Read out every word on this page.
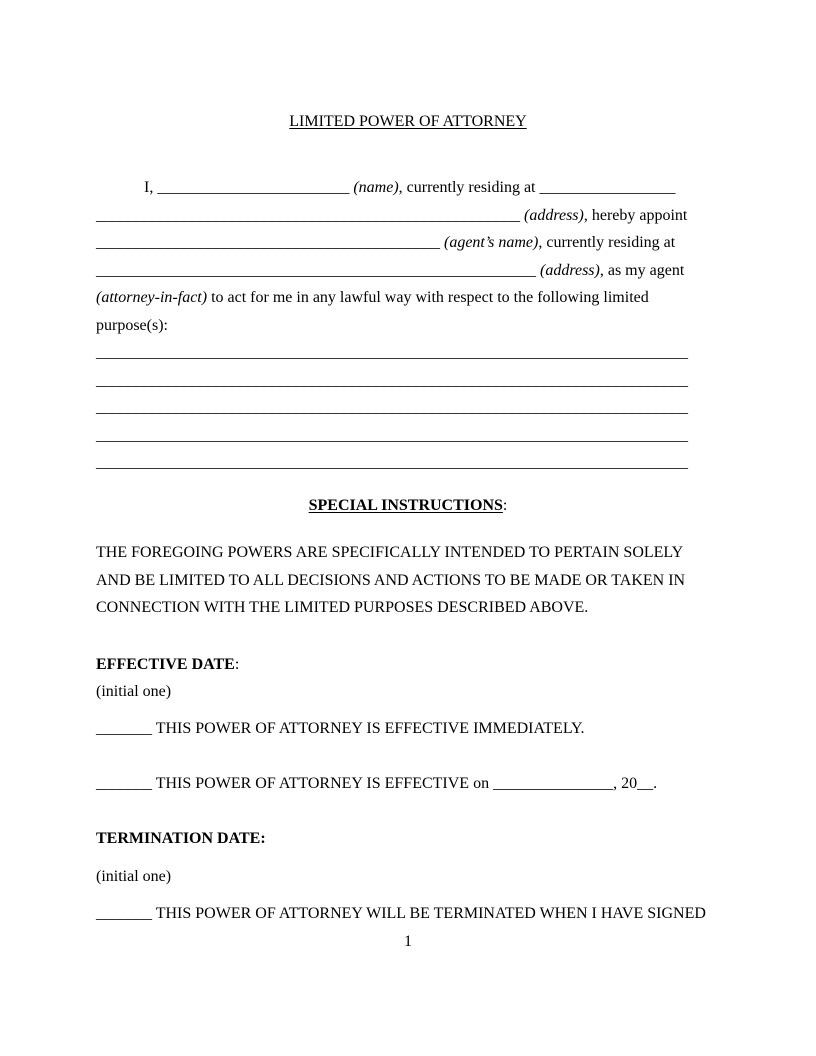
LIMITED POWER OF ATTORNEY
I, ________________________ (name), currently residing at _________________
_____________________________________________________ (address), hereby appoint
___________________________________________ (agent’s name), currently residing at
_______________________________________________________ (address), as my agent
(attorney-in-fact) to act for me in any lawful way with respect to the following limited
purpose(s):
__________________________________________________________________________
__________________________________________________________________________
__________________________________________________________________________
__________________________________________________________________________
__________________________________________________________________________
SPECIAL INSTRUCTIONS:
THE FOREGOING POWERS ARE SPECIFICALLY INTENDED TO PERTAIN SOLELY
AND BE LIMITED TO ALL DECISIONS AND ACTIONS TO BE MADE OR TAKEN IN
CONNECTION WITH THE LIMITED PURPOSES DESCRIBED ABOVE.
EFFECTIVE DATE:
(initial one)
_______ THIS POWER OF ATTORNEY IS EFFECTIVE IMMEDIATELY.
_______ THIS POWER OF ATTORNEY IS EFFECTIVE on _______________, 20__.
TERMINATION DATE:
(initial one)
_______ THIS POWER OF ATTORNEY WILL BE TERMINATED WHEN I HAVE SIGNED
1
